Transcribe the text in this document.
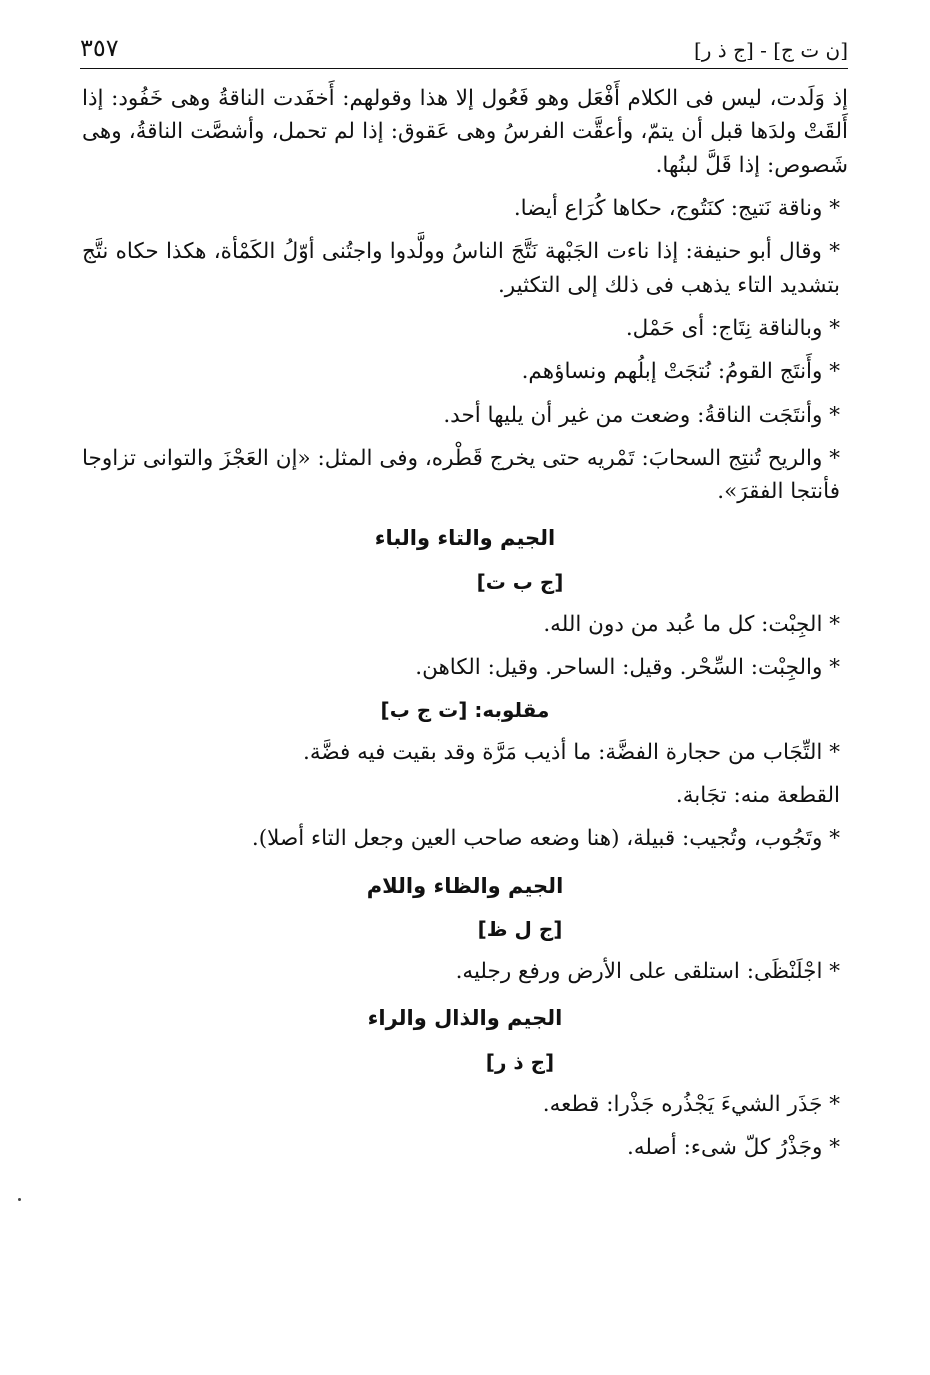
[ن ت ج] - [ج ذ ر]
٣٥٧

إذ وَلَدت، ليس فى الكلام أَفْعَل وهو فَعُول إلا هذا وقولهم: أَخفَدت الناقةُ وهى خَفُود: إذا أَلقَتْ ولدَها قبل أن يتمّ، وأعقَّت الفرسُ وهى عَقوق: إذا لم تحمل، وأشصَّت الناقةُ، وهى شَصوص: إذا قَلَّ لبنُها.

* وناقة نَتيج: كنَتُوج، حكاها كُرَاع أيضا.

* وقال أبو حنيفة: إذا ناءت الجَبْهة نَتَّجَ الناسُ وولَّدوا واجتُنى أوّلُ الكَمْأة، هكذا حكاه نتَّج بتشديد التاء يذهب فى ذلك إلى التكثير.

* وبالناقة نِتَاج: أى حَمْل.

* وأَنتَج القومُ: نُتجَتْ إبلُهم ونساؤهم.

* وأنتَجَت الناقةُ: وضعت من غير أن يليها أحد.

* والريح تُنتِج السحابَ: تَمْريه حتى يخرج قَطْره، وفى المثل: «إن العَجْزَ والتوانى تزاوجا فأنتجا الفقرَ».

الجيم والتاء والباء
[ج ب ت]

* الجِبْت: كل ما عُبد من دون الله.

* والجِبْت: السِّحْر. وقيل: الساحر. وقيل: الكاهن.

مقلوبه: [ت ج ب]

* التِّجَاب من حجارة الفضَّة: ما أذيب مَرَّة وقد بقيت فيه فضَّة.

القطعة منه: تجَابة.

* وتَجُوب، وتُجيب: قبيلة، (هنا وضعه صاحب العين وجعل التاء أصلا).

الجيم والظاء واللام
[ج ل ظ]

* اجْلَنْظَى: استلقى على الأرض ورفع رجليه.

الجيم والذال والراء
[ج ذ ر]

* جَذَر الشيءَ يَجْذُره جَذْرا: قطعه.

* وجَذْرُ كلّ شىء: أصله.
